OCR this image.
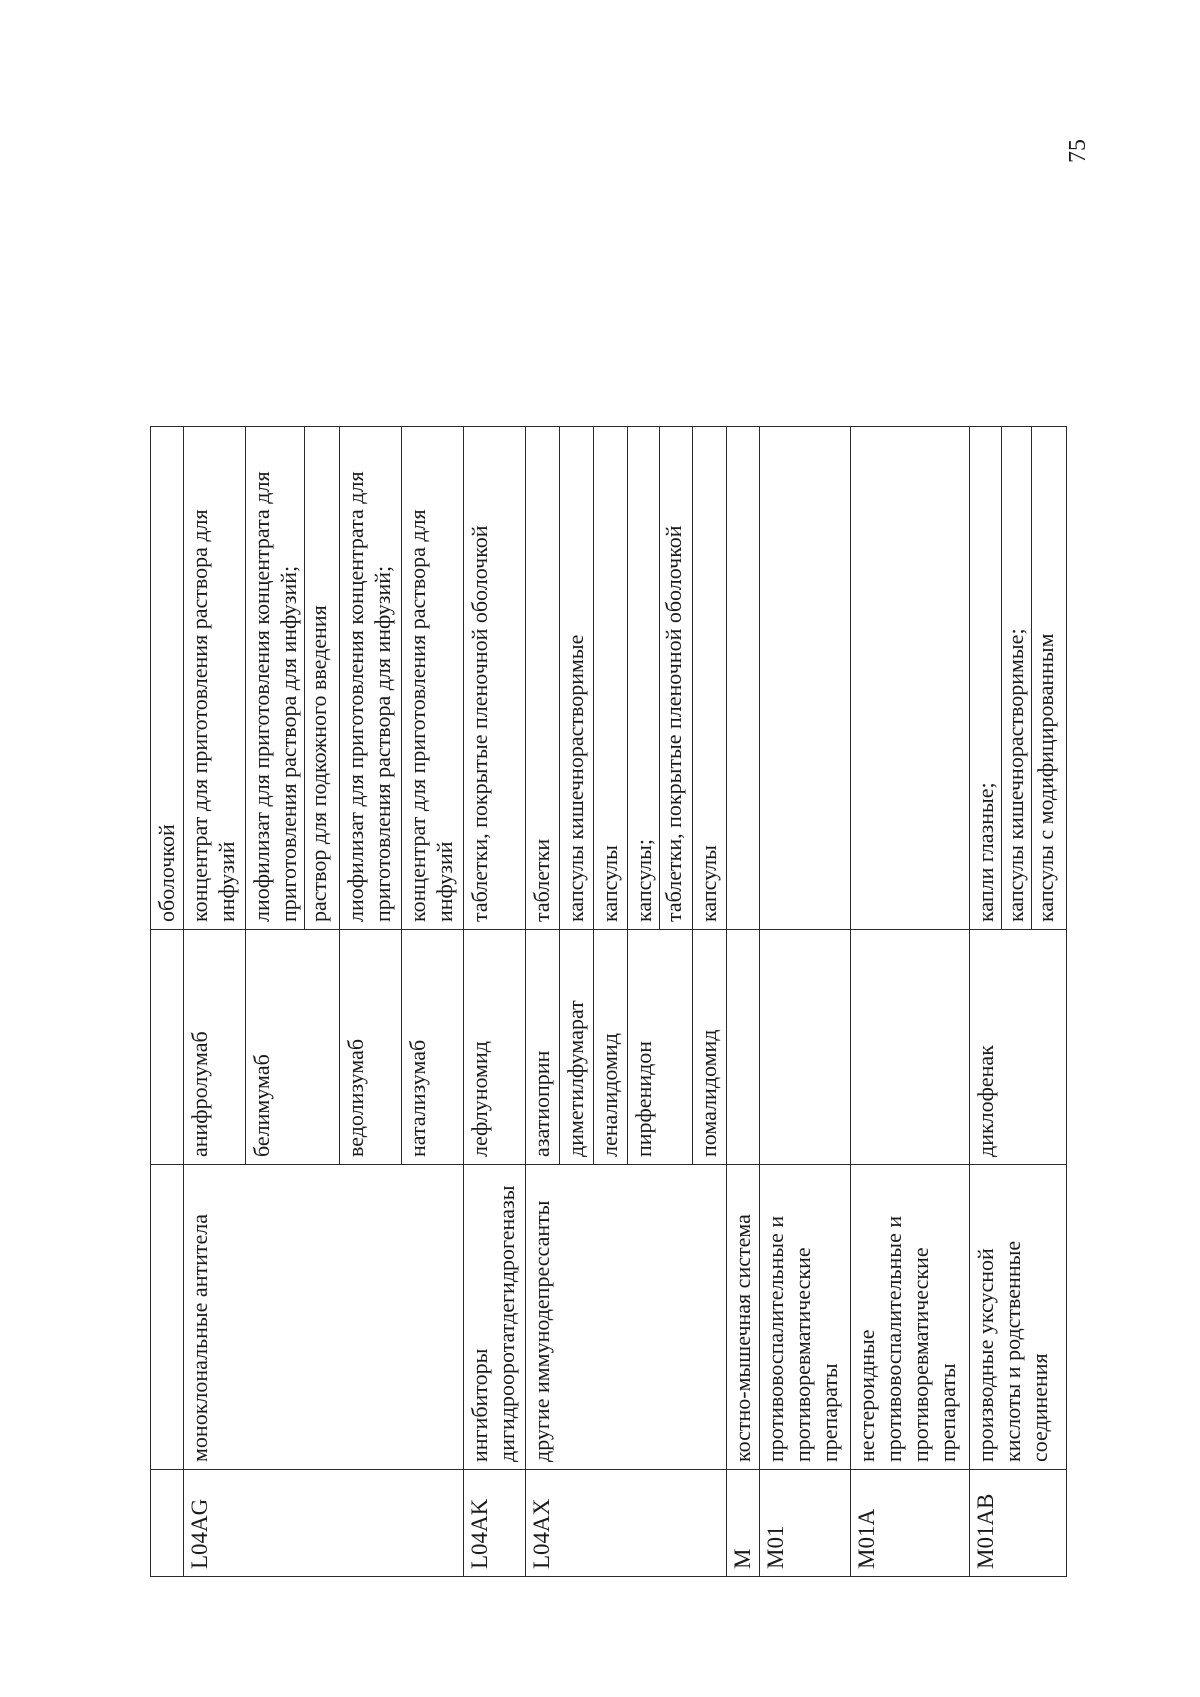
75

			оболочкой

L04AG	моноклональные антитела	анифролумаб	концентрат для приготовления раствора для инфузий

		белимумаб	лиофилизат для приготовления концентрата для приготовления раствора для инфузий; раствор для подкожного введения

		ведолизумаб	лиофилизат для приготовления концентрата для приготовления раствора для инфузий;

		натализумаб	концентрат для приготовления раствора для инфузий

L04AK	ингибиторы дигидрооротатдегидрогеназы	лефлуномид	таблетки, покрытые пленочной оболочкой

L04AX	другие иммунодепрессанты	азатиоприн	таблетки

		диметилфумарат	капсулы кишечнорастворимые

		леналидомид	капсулы

		пирфенидон	капсулы; таблетки, покрытые пленочной оболочкой

		помалидомид	капсулы

M	костно-мышечная система		
M01	противовоспалительные и противоревматические препараты		
M01A	нестероидные противовоспалительные и противоревматические препараты		
M01AB	производные уксусной кислоты и родственные соединения	диклофенак	капли глазные; капсулы кишечнорастворимые; капсулы с модифицированным
